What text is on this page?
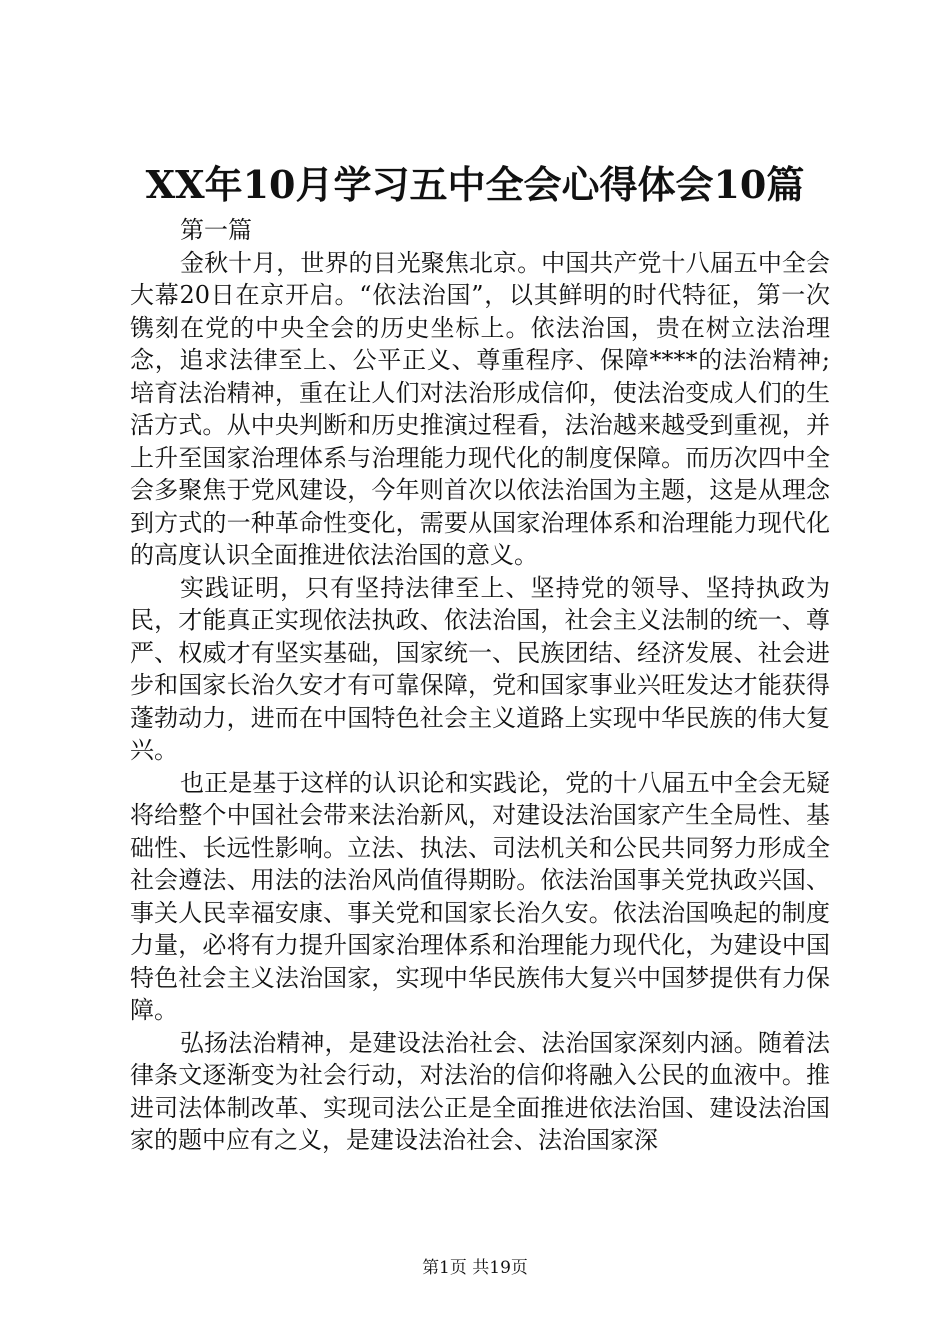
XX年10月学习五中全会心得体会10篇

第一篇

金秋十月，世界的目光聚焦北京。中国共产党十八届五中全会大幕20日在京开启。“依法治国”，以其鲜明的时代特征，第一次镌刻在党的中央全会的历史坐标上。依法治国，贵在树立法治理念，追求法律至上、公平正义、尊重程序、保障****的法治精神;培育法治精神，重在让人们对法治形成信仰，使法治变成人们的生活方式。从中央判断和历史推演过程看，法治越来越受到重视，并上升至国家治理体系与治理能力现代化的制度保障。而历次四中全会多聚焦于党风建设，今年则首次以依法治国为主题，这是从理念到方式的一种革命性变化，需要从国家治理体系和治理能力现代化的高度认识全面推进依法治国的意义。

实践证明，只有坚持法律至上、坚持党的领导、坚持执政为民，才能真正实现依法执政、依法治国，社会主义法制的统一、尊严、权威才有坚实基础，国家统一、民族团结、经济发展、社会进步和国家长治久安才有可靠保障，党和国家事业兴旺发达才能获得蓬勃动力，进而在中国特色社会主义道路上实现中华民族的伟大复兴。

也正是基于这样的认识论和实践论，党的十八届五中全会无疑将给整个中国社会带来法治新风，对建设法治国家产生全局性、基础性、长远性影响。立法、执法、司法机关和公民共同努力形成全社会遵法、用法的法治风尚值得期盼。依法治国事关党执政兴国、事关人民幸福安康、事关党和国家长治久安。依法治国唤起的制度力量，必将有力提升国家治理体系和治理能力现代化，为建设中国特色社会主义法治国家，实现中华民族伟大复兴中国梦提供有力保障。

弘扬法治精神，是建设法治社会、法治国家深刻内涵。随着法律条文逐渐变为社会行动，对法治的信仰将融入公民的血液中。推进司法体制改革、实现司法公正是全面推进依法治国、建设法治国家的题中应有之义，是建设法治社会、法治国家深

第1页 共19页
